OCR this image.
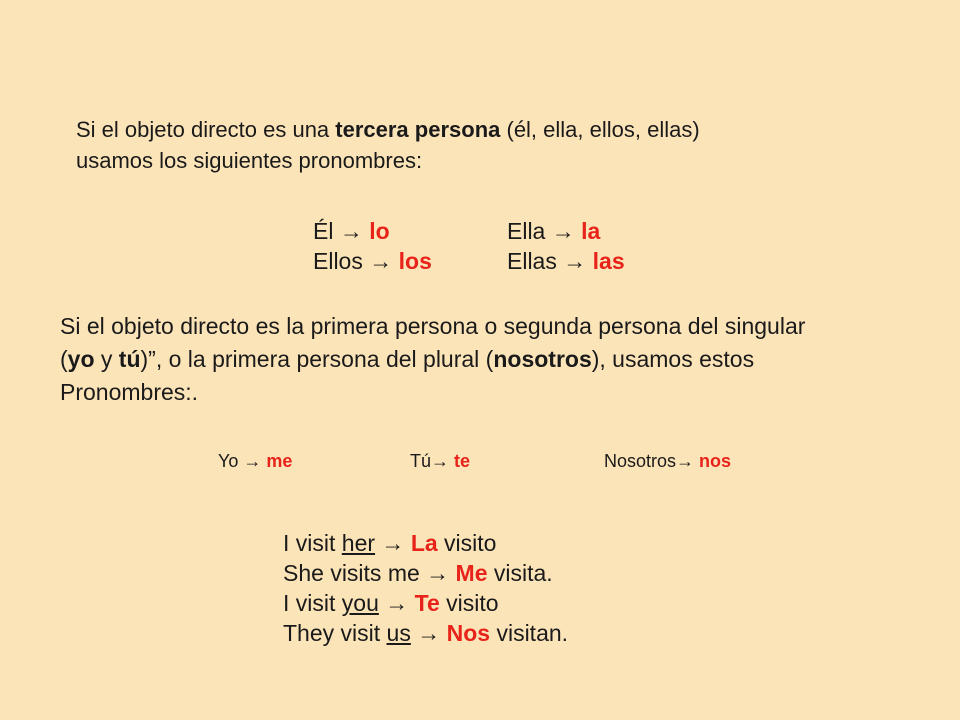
Si el objeto directo es una tercera persona (él, ella, ellos, ellas)
usamos los siguientes pronombres:
Él → lo	Ella → la
Ellos → los	Ellas → las
Si el objeto directo es la primera persona o segunda persona del singular
(yo y tú)”, o la primera persona del plural (nosotros), usamos estos
Pronombres:.
Yo → me	Tú→ te	Nosotros→ nos
I visit her → La visito
She visits me → Me visita.
I visit you → Te visito
They visit us → Nos visitan.
